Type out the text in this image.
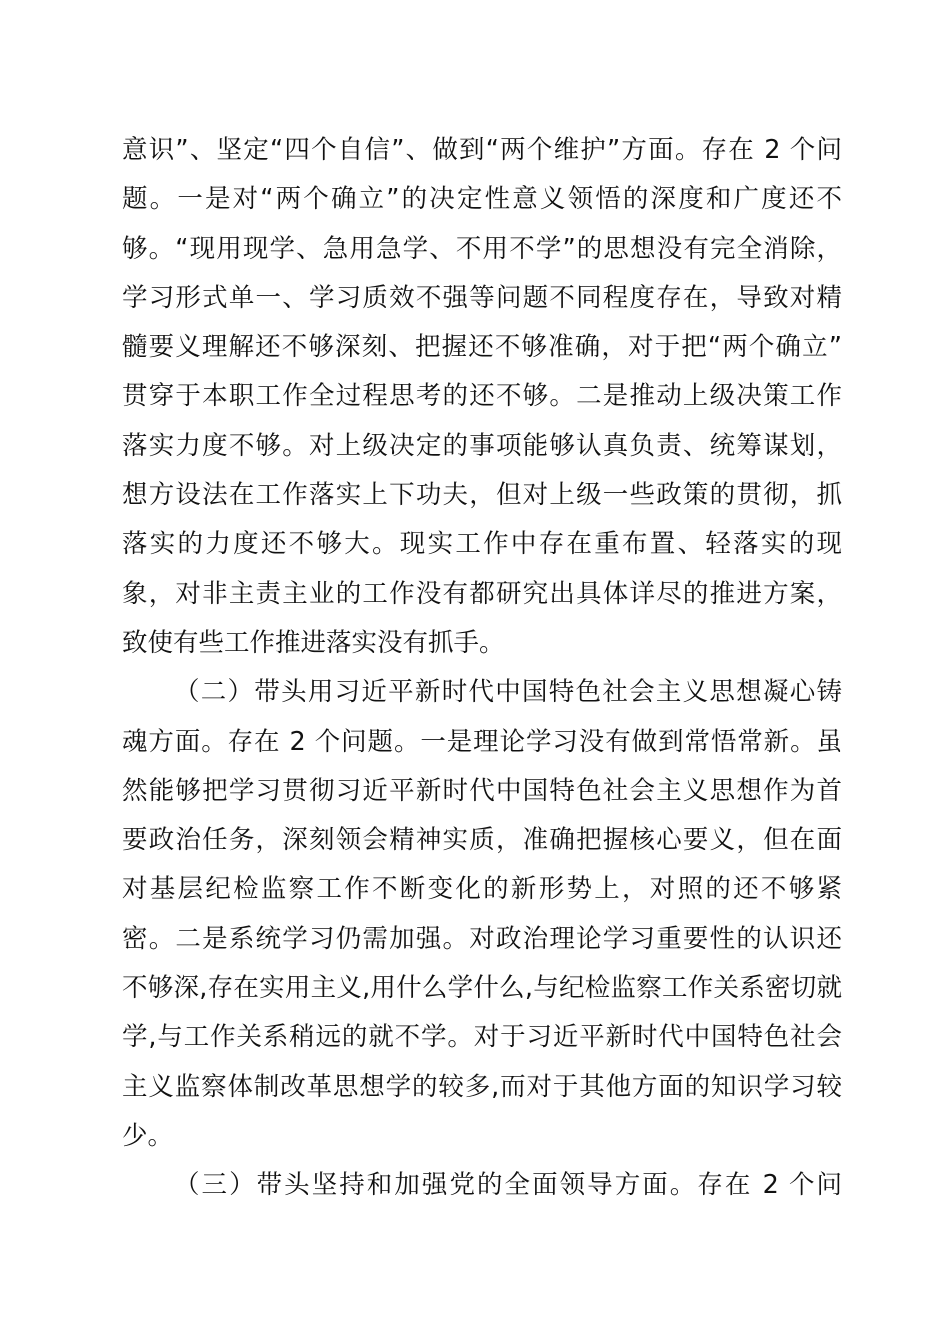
意识”、坚定“四个自信”、做到“两个维护”方面。存在 2 个问
题。一是对“两个确立”的决定性意义领悟的深度和广度还不
够。“现用现学、急用急学、不用不学”的思想没有完全消除，
学习形式单一、学习质效不强等问题不同程度存在，导致对精
髓要义理解还不够深刻、把握还不够准确，对于把“两个确立”
贯穿于本职工作全过程思考的还不够。二是推动上级决策工作
落实力度不够。对上级决定的事项能够认真负责、统筹谋划，
想方设法在工作落实上下功夫，但对上级一些政策的贯彻，抓
落实的力度还不够大。现实工作中存在重布置、轻落实的现
象，对非主责主业的工作没有都研究出具体详尽的推进方案，
致使有些工作推进落实没有抓手。
（二）带头用习近平新时代中国特色社会主义思想凝心铸
魂方面。存在 2 个问题。一是理论学习没有做到常悟常新。虽
然能够把学习贯彻习近平新时代中国特色社会主义思想作为首
要政治任务，深刻领会精神实质，准确把握核心要义，但在面
对基层纪检监察工作不断变化的新形势上，对照的还不够紧
密。二是系统学习仍需加强。对政治理论学习重要性的认识还
不够深,存在实用主义,用什么学什么,与纪检监察工作关系密切就
学,与工作关系稍远的就不学。对于习近平新时代中国特色社会
主义监察体制改革思想学的较多,而对于其他方面的知识学习较
少。
（三）带头坚持和加强党的全面领导方面。存在 2 个问
